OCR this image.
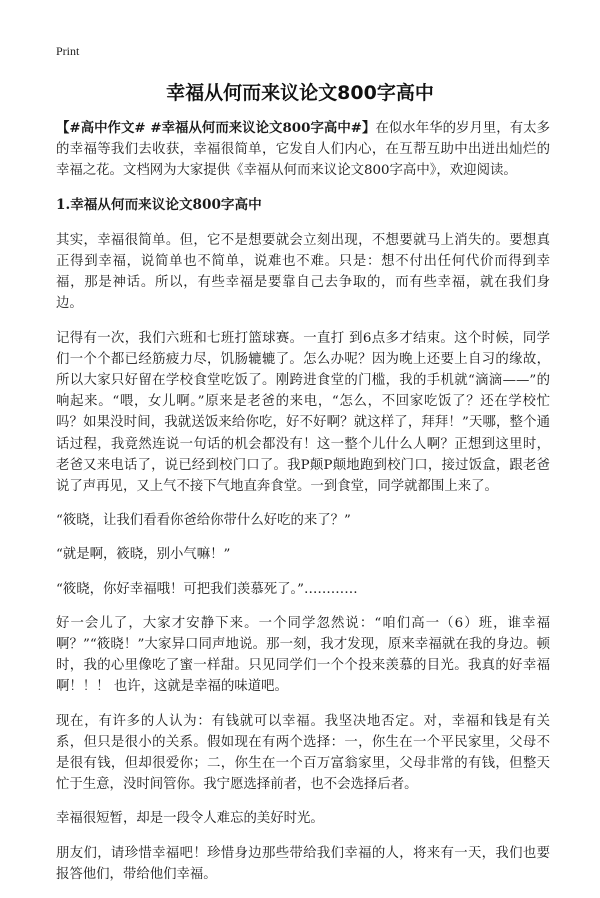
Print
幸福从何而来议论文800字高中

【#高中作文# #幸福从何而来议论文800字高中#】在似水年华的岁月里，有太多的幸福等我们去收获，幸福很简单，它发自人们内心，在互帮互助中出迸出灿烂的幸福之花。文档网为大家提供《幸福从何而来议论文800字高中》，欢迎阅读。

1.幸福从何而来议论文800字高中

其实，幸福很简单。但，它不是想要就会立刻出现，不想要就马上消失的。要想真正得到幸福，说简单也不简单，说难也不难。只是：想不付出任何代价而得到幸福，那是神话。所以，有些幸福是要靠自己去争取的，而有些幸福，就在我们身边。

记得有一次，我们六班和七班打篮球赛。一直打 到6点多才结束。这个时候，同学们一个个都已经筋疲力尽，饥肠辘辘了。怎么办呢？因为晚上还要上自习的缘故，所以大家只好留在学校食堂吃饭了。刚跨进食堂的门槛，我的手机就“滴滴——”的响起来。“喂，女儿啊。”原来是老爸的来电，“怎么，不回家吃饭了？还在学校忙吗？如果没时间，我就送饭来给你吃，好不好啊？就这样了，拜拜！”天哪，整个通话过程，我竟然连说一句话的机会都没有！这一整个儿什么人啊？正想到这里时，老爸又来电话了，说已经到校门口了。我P颠P颠地跑到校门口，接过饭盒，跟老爸说了声再见，又上气不接下气地直奔食堂。一到食堂，同学就都围上来了。

“筱晓，让我们看看你爸给你带什么好吃的来了？”

“就是啊，筱晓，别小气嘛！”

“筱晓，你好幸福哦！可把我们羡慕死了。”…………

好一会儿了，大家才安静下来。一个同学忽然说：“咱们高一（6）班，谁幸福啊？”“筱晓！”大家异口同声地说。那一刻，我才发现，原来幸福就在我的身边。顿时，我的心里像吃了蜜一样甜。只见同学们一个个投来羡慕的目光。我真的好幸福啊！！！ 也许，这就是幸福的味道吧。

现在，有许多的人认为：有钱就可以幸福。我坚决地否定。对，幸福和钱是有关系，但只是很小的关系。假如现在有两个选择：一，你生在一个平民家里，父母不是很有钱，但却很爱你；二，你生在一个百万富翁家里，父母非常的有钱，但整天忙于生意，没时间管你。我宁愿选择前者，也不会选择后者。

幸福很短暂，却是一段令人难忘的美好时光。

朋友们，请珍惜幸福吧！珍惜身边那些带给我们幸福的人，将来有一天，我们也要报答他们，带给他们幸福。
